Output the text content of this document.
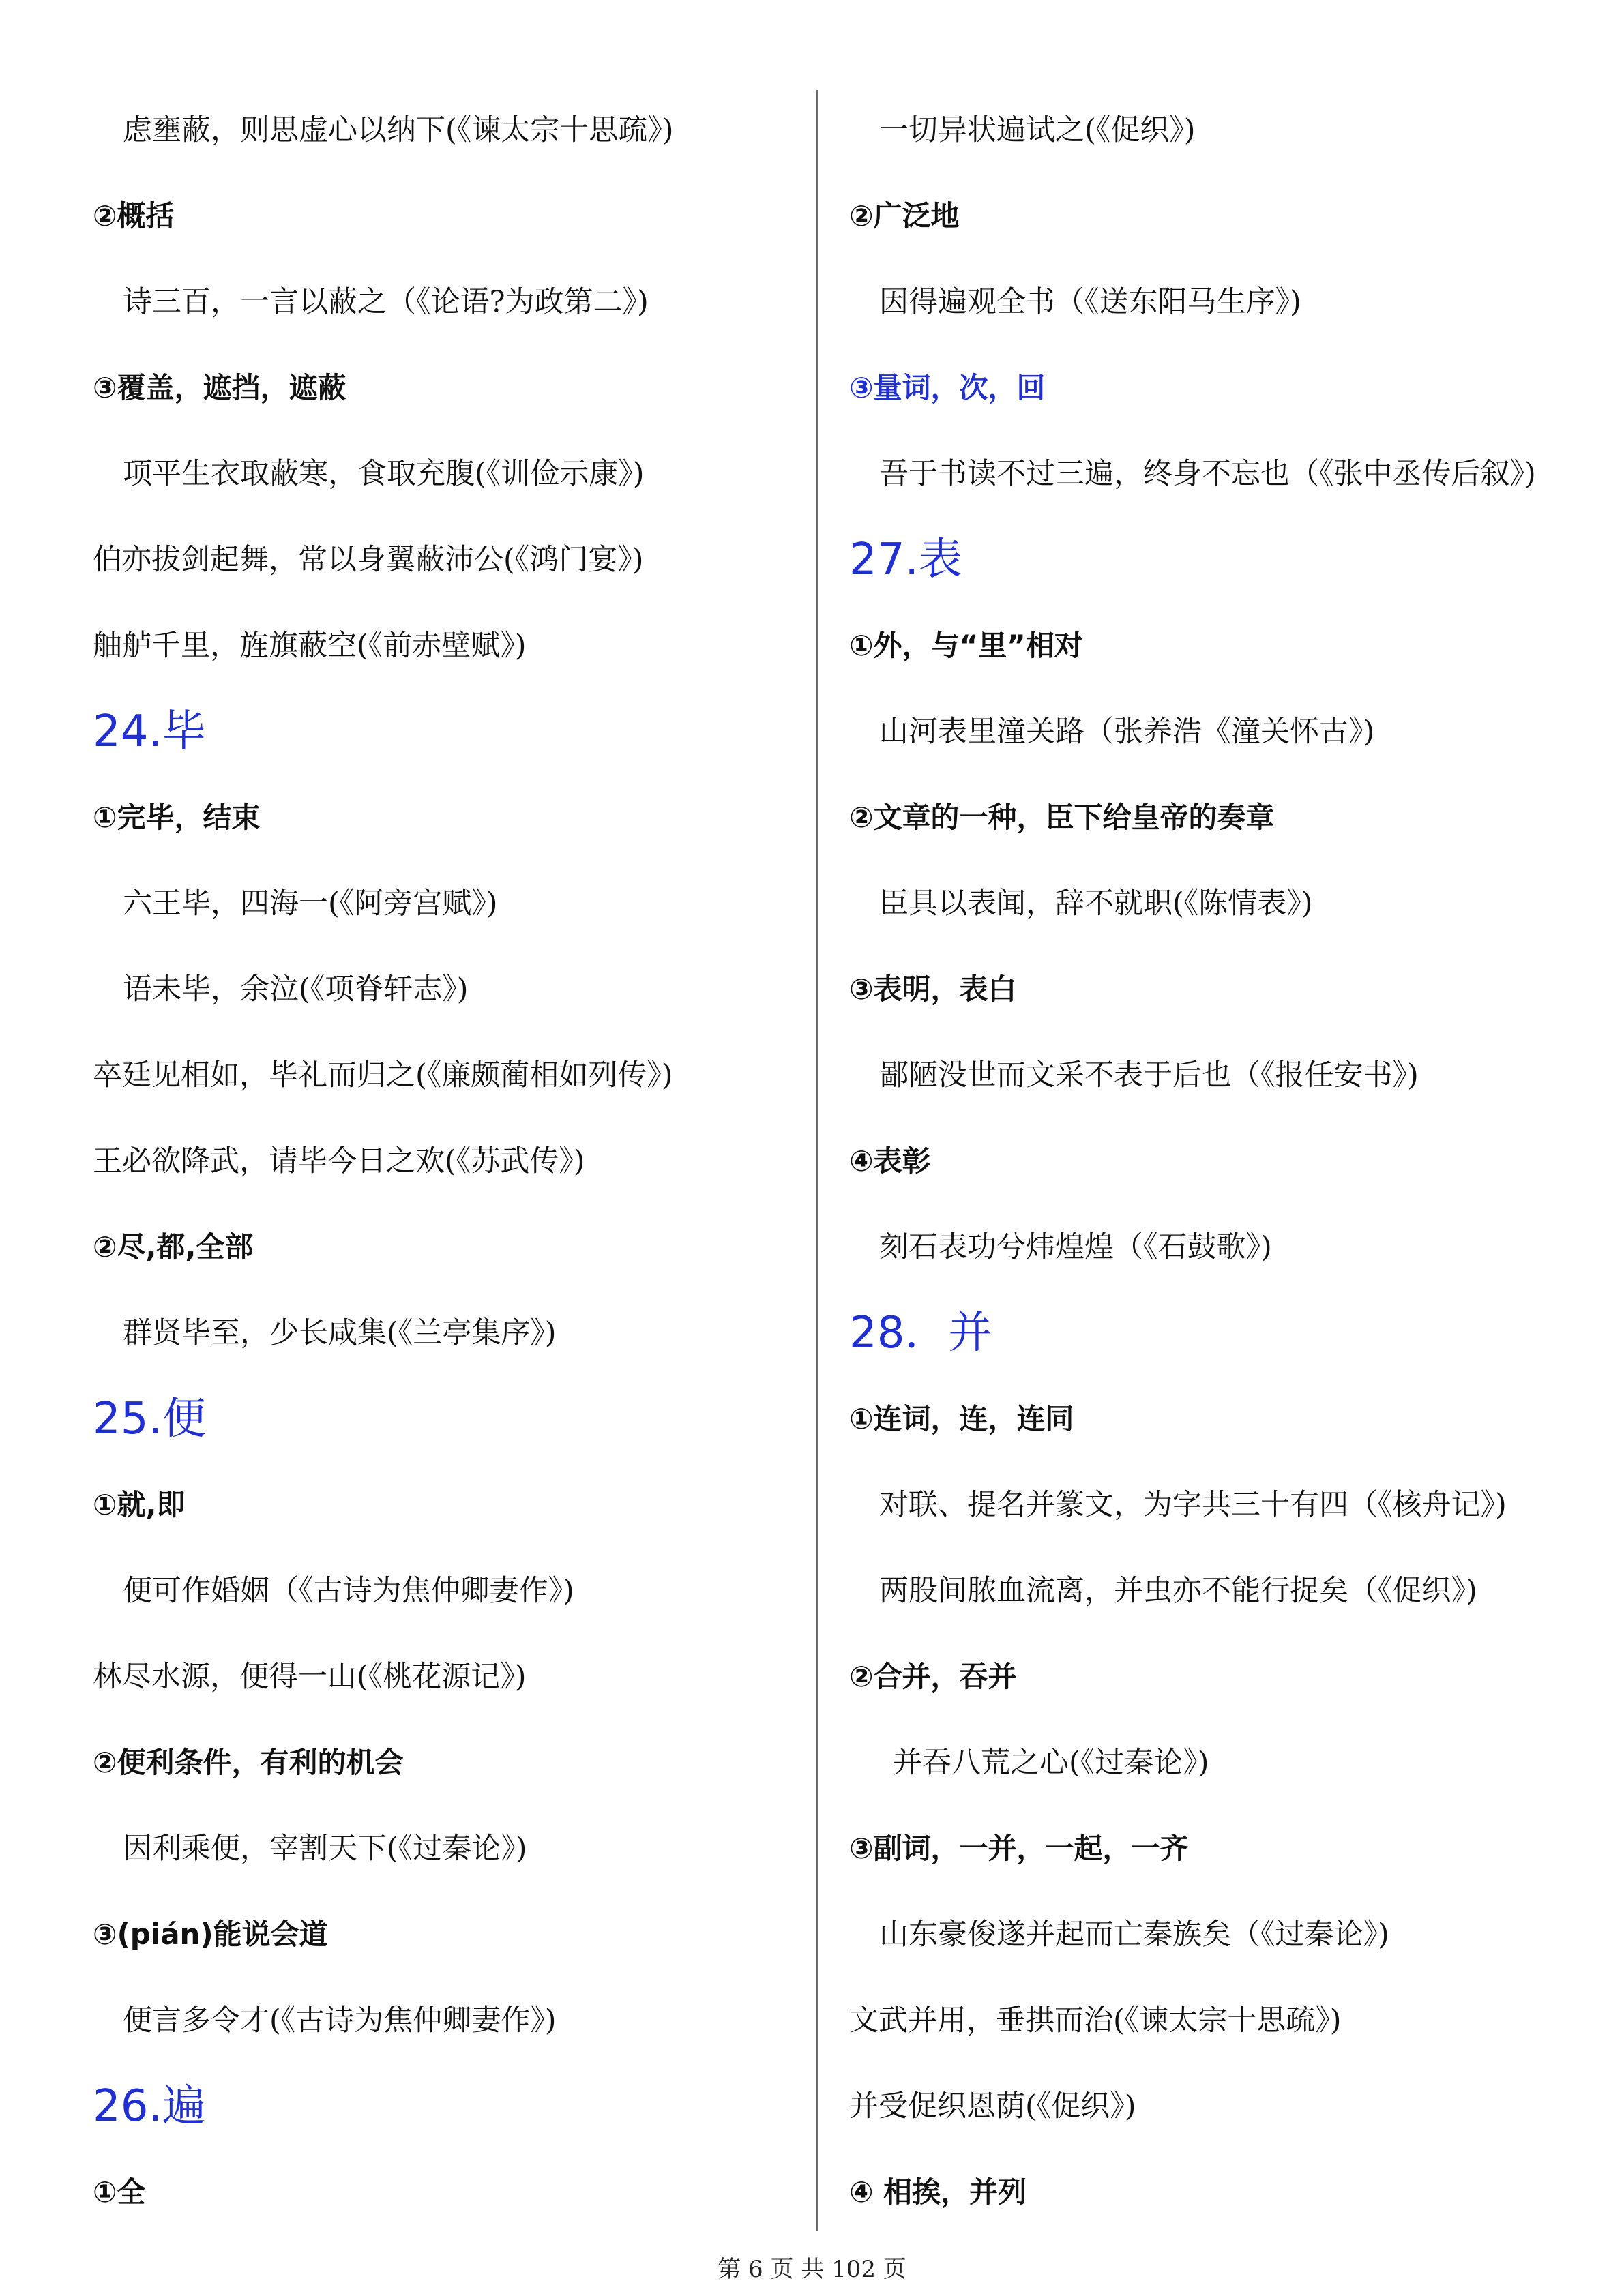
虑壅蔽，则思虚心以纳下(《谏太宗十思疏》)
②概括
诗三百，一言以蔽之（《论语?为政第二》)
③覆盖，遮挡，遮蔽
项平生衣取蔽寒，食取充腹(《训俭示康》)
伯亦拔剑起舞，常以身翼蔽沛公(《鸿门宴》)
舳舻千里，旌旗蔽空(《前赤壁赋》)
24.毕
①完毕，结束
六王毕，四海一(《阿旁宫赋》)
语未毕，余泣(《项脊轩志》)
卒廷见相如，毕礼而归之(《廉颇蔺相如列传》)
王必欲降武，请毕今日之欢(《苏武传》)
②尽,都,全部
群贤毕至，少长咸集(《兰亭集序》)
25.便
①就,即
便可作婚姻（《古诗为焦仲卿妻作》)
林尽水源，便得一山(《桃花源记》)
②便利条件，有利的机会
因利乘便，宰割天下(《过秦论》)
③(pián)能说会道
便言多令才(《古诗为焦仲卿妻作》)
26.遍
①全
一切异状遍试之(《促织》)
②广泛地
因得遍观全书（《送东阳马生序》)
③量词，次，回
吾于书读不过三遍，终身不忘也（《张中丞传后叙》)
27.表
①外，与“里”相对
山河表里潼关路（张养浩《潼关怀古》)
②文章的一种，臣下给皇帝的奏章
臣具以表闻，辞不就职(《陈情表》)
③表明，表白
鄙陋没世而文采不表于后也（《报任安书》)
④表彰
刻石表功兮炜煌煌（《石鼓歌》)
28．并
①连词，连，连同
对联、提名并篆文，为字共三十有四（《核舟记》)
两股间脓血流离，并虫亦不能行捉矣（《促织》)
②合并，吞并
并吞八荒之心(《过秦论》)
③副词，一并，一起，一齐
山东豪俊遂并起而亡秦族矣（《过秦论》)
文武并用，垂拱而治(《谏太宗十思疏》)
并受促织恩荫(《促织》)
④ 相挨，并列
第 6 页 共 102 页
